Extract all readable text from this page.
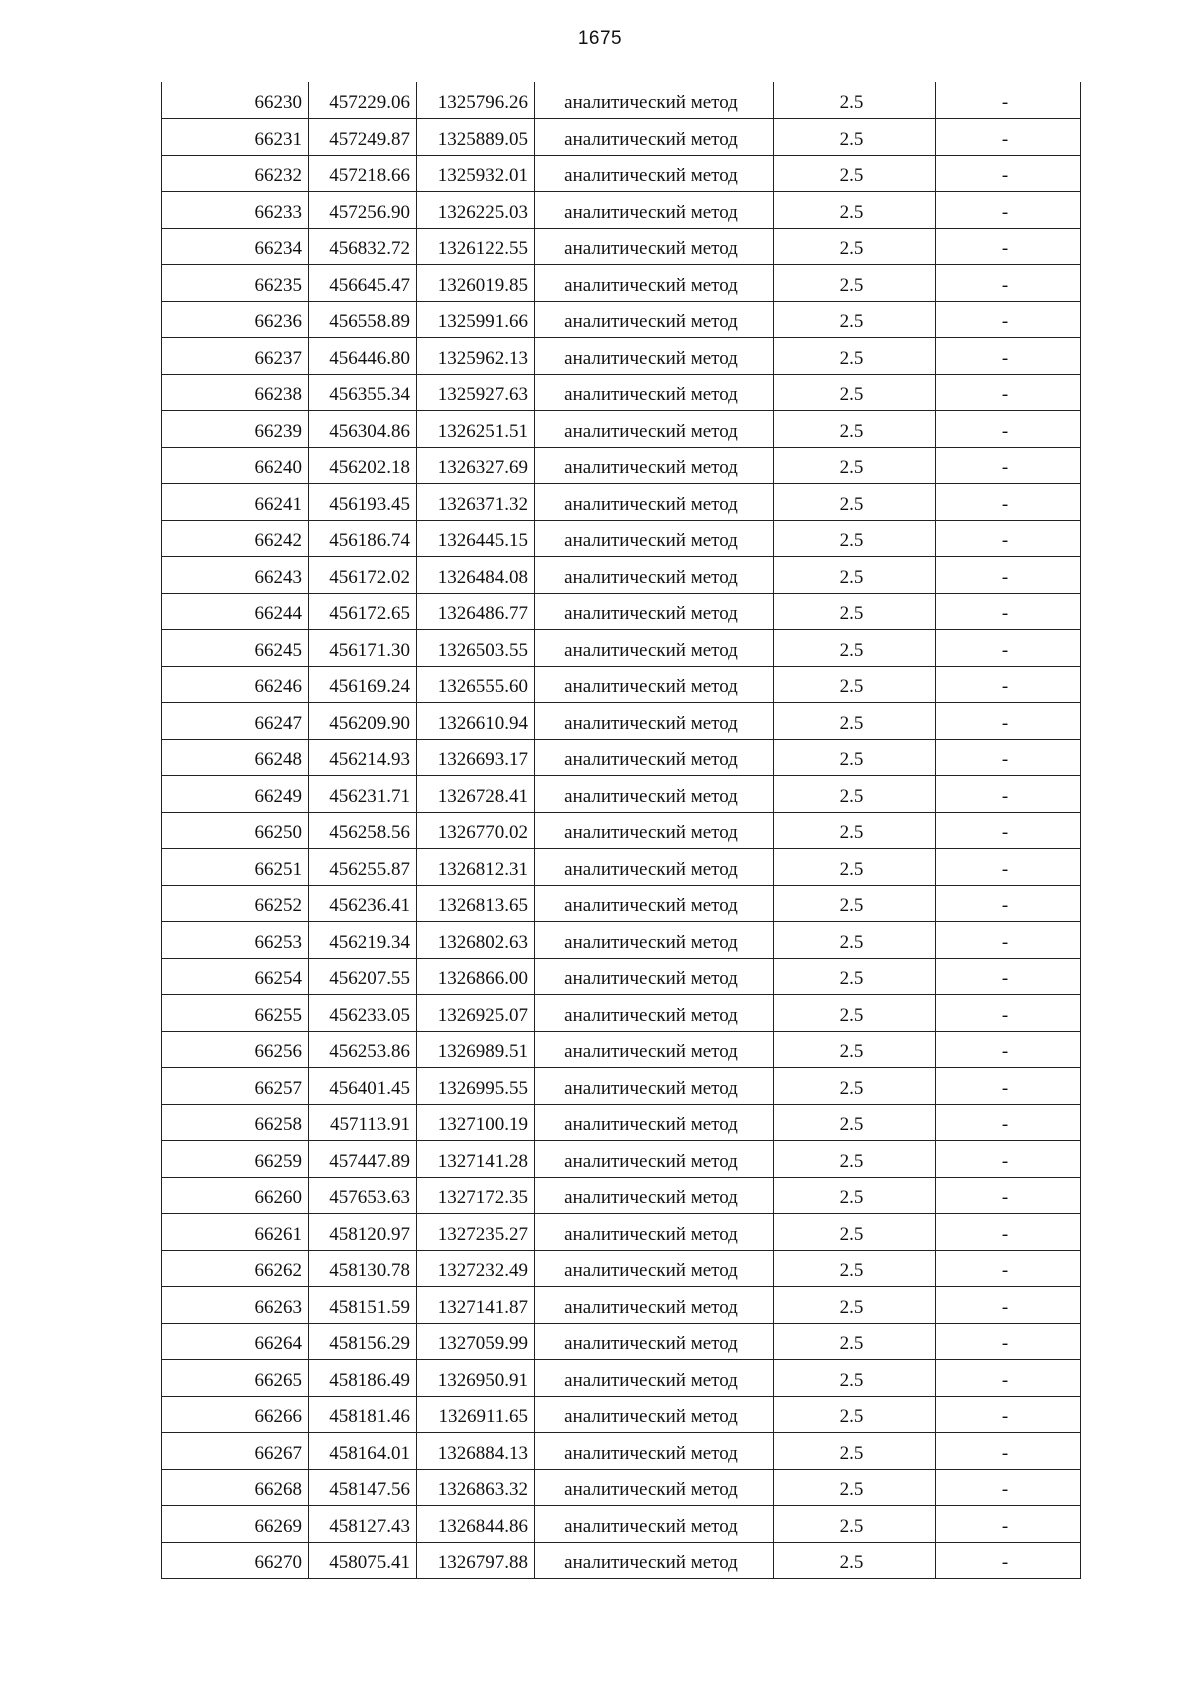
1675
66230	457229.06	1325796.26	аналитический метод	2.5	-
66231	457249.87	1325889.05	аналитический метод	2.5	-
66232	457218.66	1325932.01	аналитический метод	2.5	-
66233	457256.90	1326225.03	аналитический метод	2.5	-
66234	456832.72	1326122.55	аналитический метод	2.5	-
66235	456645.47	1326019.85	аналитический метод	2.5	-
66236	456558.89	1325991.66	аналитический метод	2.5	-
66237	456446.80	1325962.13	аналитический метод	2.5	-
66238	456355.34	1325927.63	аналитический метод	2.5	-
66239	456304.86	1326251.51	аналитический метод	2.5	-
66240	456202.18	1326327.69	аналитический метод	2.5	-
66241	456193.45	1326371.32	аналитический метод	2.5	-
66242	456186.74	1326445.15	аналитический метод	2.5	-
66243	456172.02	1326484.08	аналитический метод	2.5	-
66244	456172.65	1326486.77	аналитический метод	2.5	-
66245	456171.30	1326503.55	аналитический метод	2.5	-
66246	456169.24	1326555.60	аналитический метод	2.5	-
66247	456209.90	1326610.94	аналитический метод	2.5	-
66248	456214.93	1326693.17	аналитический метод	2.5	-
66249	456231.71	1326728.41	аналитический метод	2.5	-
66250	456258.56	1326770.02	аналитический метод	2.5	-
66251	456255.87	1326812.31	аналитический метод	2.5	-
66252	456236.41	1326813.65	аналитический метод	2.5	-
66253	456219.34	1326802.63	аналитический метод	2.5	-
66254	456207.55	1326866.00	аналитический метод	2.5	-
66255	456233.05	1326925.07	аналитический метод	2.5	-
66256	456253.86	1326989.51	аналитический метод	2.5	-
66257	456401.45	1326995.55	аналитический метод	2.5	-
66258	457113.91	1327100.19	аналитический метод	2.5	-
66259	457447.89	1327141.28	аналитический метод	2.5	-
66260	457653.63	1327172.35	аналитический метод	2.5	-
66261	458120.97	1327235.27	аналитический метод	2.5	-
66262	458130.78	1327232.49	аналитический метод	2.5	-
66263	458151.59	1327141.87	аналитический метод	2.5	-
66264	458156.29	1327059.99	аналитический метод	2.5	-
66265	458186.49	1326950.91	аналитический метод	2.5	-
66266	458181.46	1326911.65	аналитический метод	2.5	-
66267	458164.01	1326884.13	аналитический метод	2.5	-
66268	458147.56	1326863.32	аналитический метод	2.5	-
66269	458127.43	1326844.86	аналитический метод	2.5	-
66270	458075.41	1326797.88	аналитический метод	2.5	-
